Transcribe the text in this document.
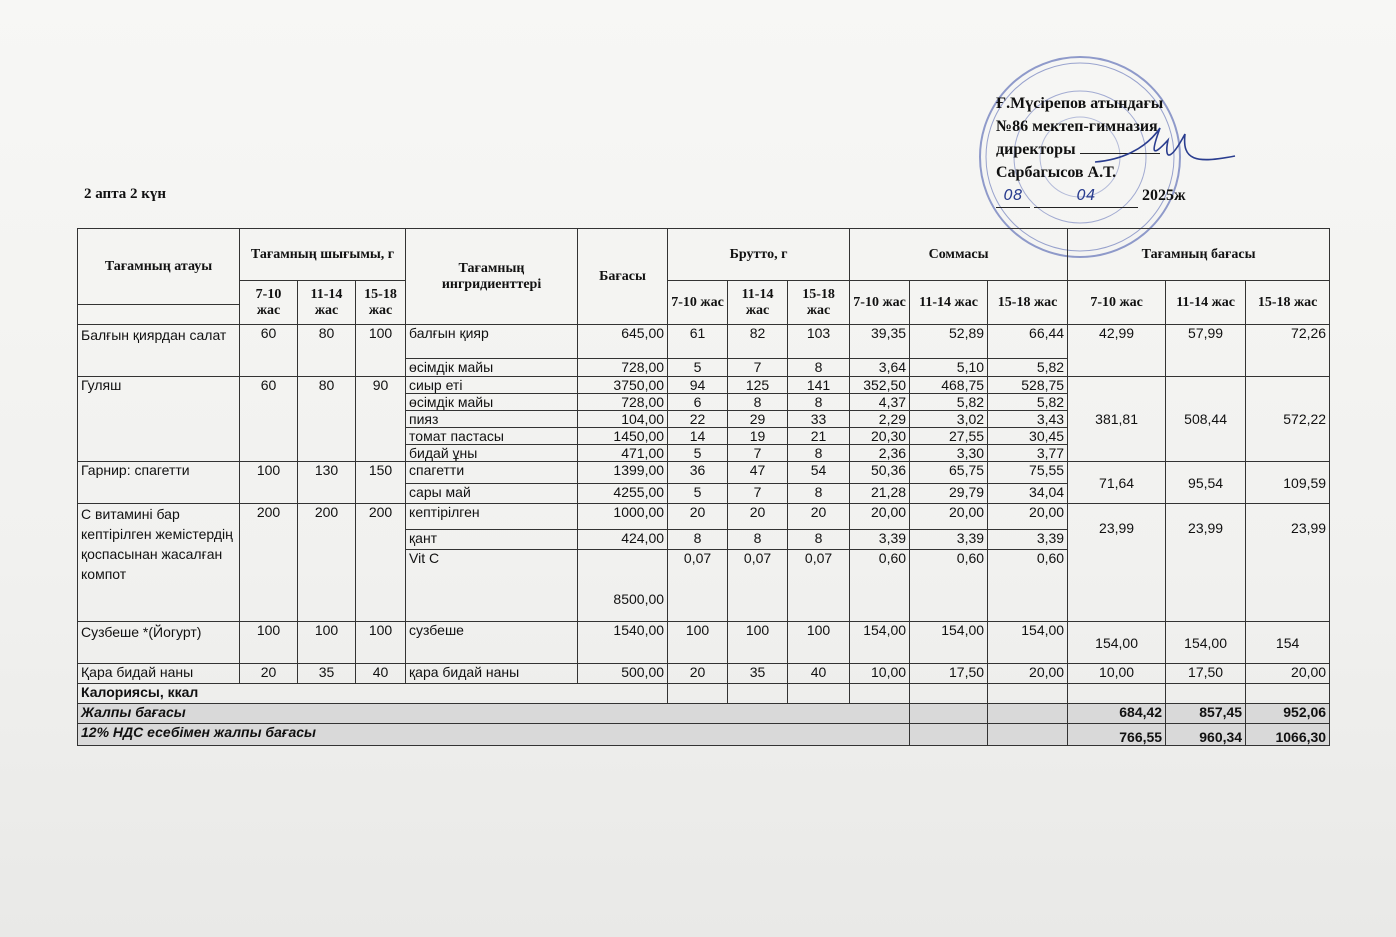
Ғ.Мүсірепов атындағы
№86 мектеп-гимназия
директоры
Сарбагысов А.Т.
08	04	2025ж
2 апта 2 күн
Тағамның атауы	Тағамның шығымы, г			Тағамның ингридиенттері	Бағасы	Брутто, г			Соммасы			Тағамның бағасы		
	7-10 жас	11-14 жас	15-18 жас			7-10 жас	11-14 жас	15-18 жас	7-10 жас	11-14 жас	15-18 жас	7-10 жас	11-14 жас	15-18 жас

Балғын қиярдан салат	60	80	100	балғын қияр	645,00	61	82	103	39,35	52,89	66,44	42,99	57,99	72,26
				өсімдік майы	728,00	5	7	8	3,64	5,10	5,82			
Гуляш	60	80	90	сиыр еті	3750,00	94	125	141	352,50	468,75	528,75	381,81	508,44	572,22
				өсімдік майы	728,00	6	8	8	4,37	5,82	5,82			
				пияз	104,00	22	29	33	2,29	3,02	3,43			
				томат пастасы	1450,00	14	19	21	20,30	27,55	30,45			
				бидай ұны	471,00	5	7	8	2,36	3,30	3,77			
Гарнир: спагетти	100	130	150	спагетти	1399,00	36	47	54	50,36	65,75	75,55	71,64	95,54	109,59
				сары май	4255,00	5	7	8	21,28	29,79	34,04			
С витамині бар кептірілген жемістердің қоспасынан жасалған компот	200	200	200	кептірілген	1000,00	20	20	20	20,00	20,00	20,00	23,99	23,99	23,99
				қант	424,00	8	8	8	3,39	3,39	3,39			
				Vit C	8500,00	0,07	0,07	0,07	0,60	0,60	0,60			
Сузбеше *(Йогурт)	100	100	100	сузбеше	1540,00	100	100	100	154,00	154,00	154,00	154,00	154,00	154
Қара бидай наны	20	35	40	қара бидай наны	500,00	20	35	40	10,00	17,50	20,00	10,00	17,50	20,00
Калориясы, ккал														
Жалпы бағасы												684,42	857,45	952,06
12% НДС есебімен жалпы бағасы												766,55	960,34	1066,30
